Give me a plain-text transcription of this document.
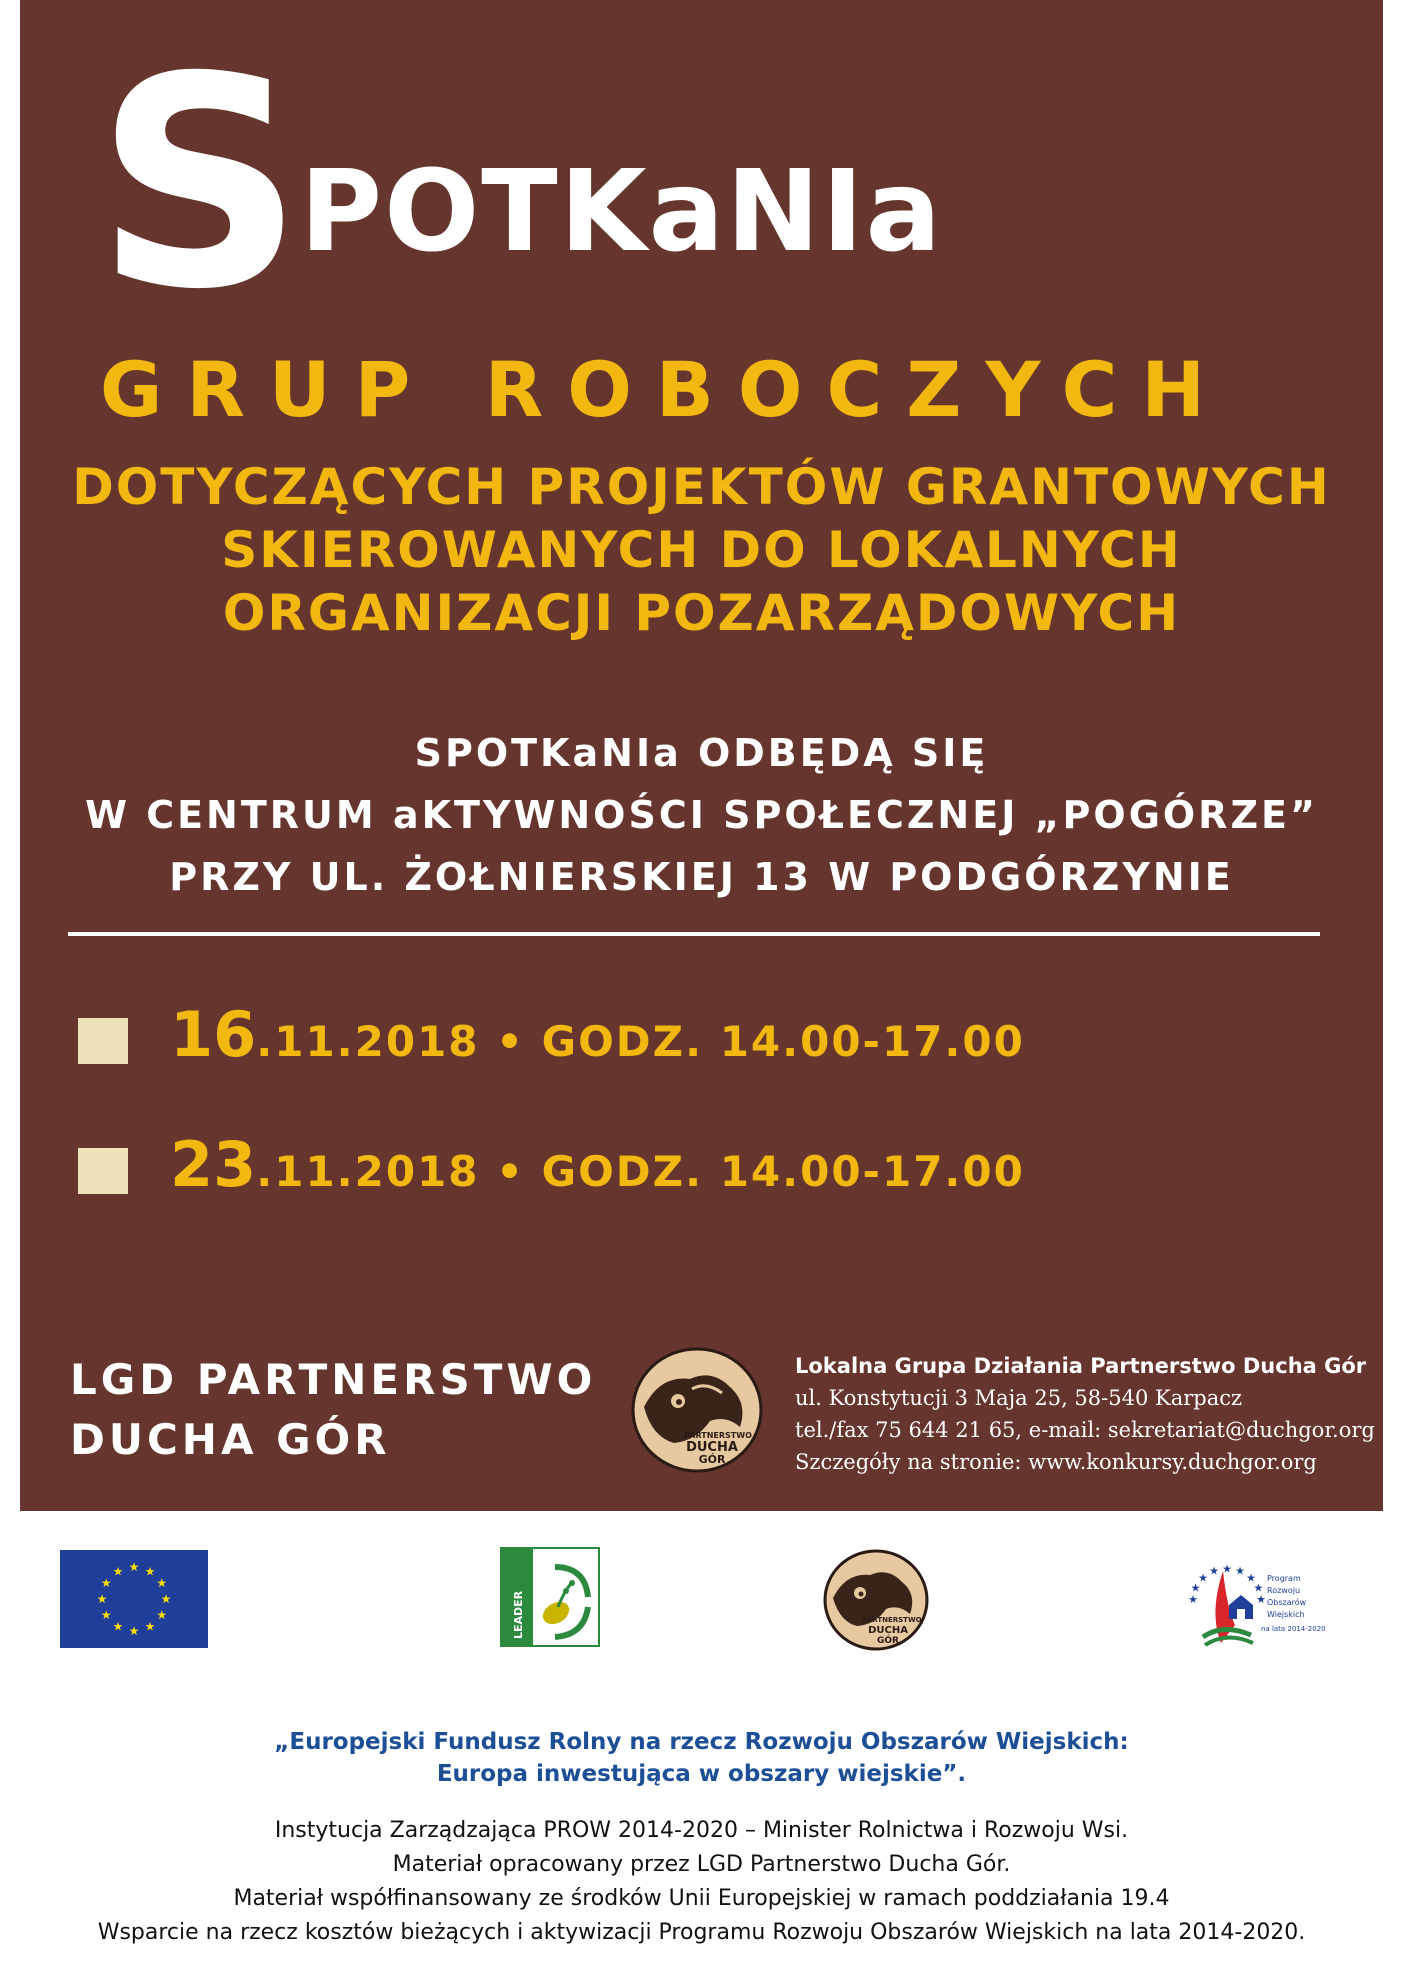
S
POTKaNIa
GRUP ROBOCZYCH
DOTYCZĄCYCH PROJEKTÓW GRANTOWYCH
SKIEROWANYCH DO LOKALNYCH
ORGANIZACJI POZARZĄDOWYCH
SPOTKaNIa ODBĘDĄ SIĘ
W CENTRUM aKTYWNOŚCI SPOŁECZNEJ „POGÓRZE”
PRZY UL. ŻOŁNIERSKIEJ 13 W PODGÓRZYNIE
16.11.2018 • GODZ. 14.00-17.00
23.11.2018 • GODZ. 14.00-17.00
LGD PARTNERSTWO
DUCHA GÓR	PARTNERSTWO
DUCHA
GÓR
Lokalna Grupa Działania Partnerstwo Ducha Gór
ul. Konstytucji 3 Maja 25, 58-540 Karpacz
tel./fax 75 644 21 65, e-mail: sekretariat@duchgor.org
Szczegóły na stronie: www.konkursy.duchgor.org
★ ★
★
★
★
★
★
★
★
★
★
★
LEADER	PARTNERSTWO
DUCHA
GÓR
Program
Rozwoju
Obszarów
Wiejskich
na lata 2014-2020
★
★
★
★ ★ ★
★
★
★
„Europejski Fundusz Rolny na rzecz Rozwoju Obszarów Wiejskich:
Europa inwestująca w obszary wiejskie”.
Instytucja Zarządzająca PROW 2014-2020 – Minister Rolnictwa i Rozwoju Wsi.
Materiał opracowany przez LGD Partnerstwo Ducha Gór.
Materiał współfinansowany ze środków Unii Europejskiej w ramach poddziałania 19.4
Wsparcie na rzecz kosztów bieżących i aktywizacji Programu Rozwoju Obszarów Wiejskich na lata 2014-2020.
